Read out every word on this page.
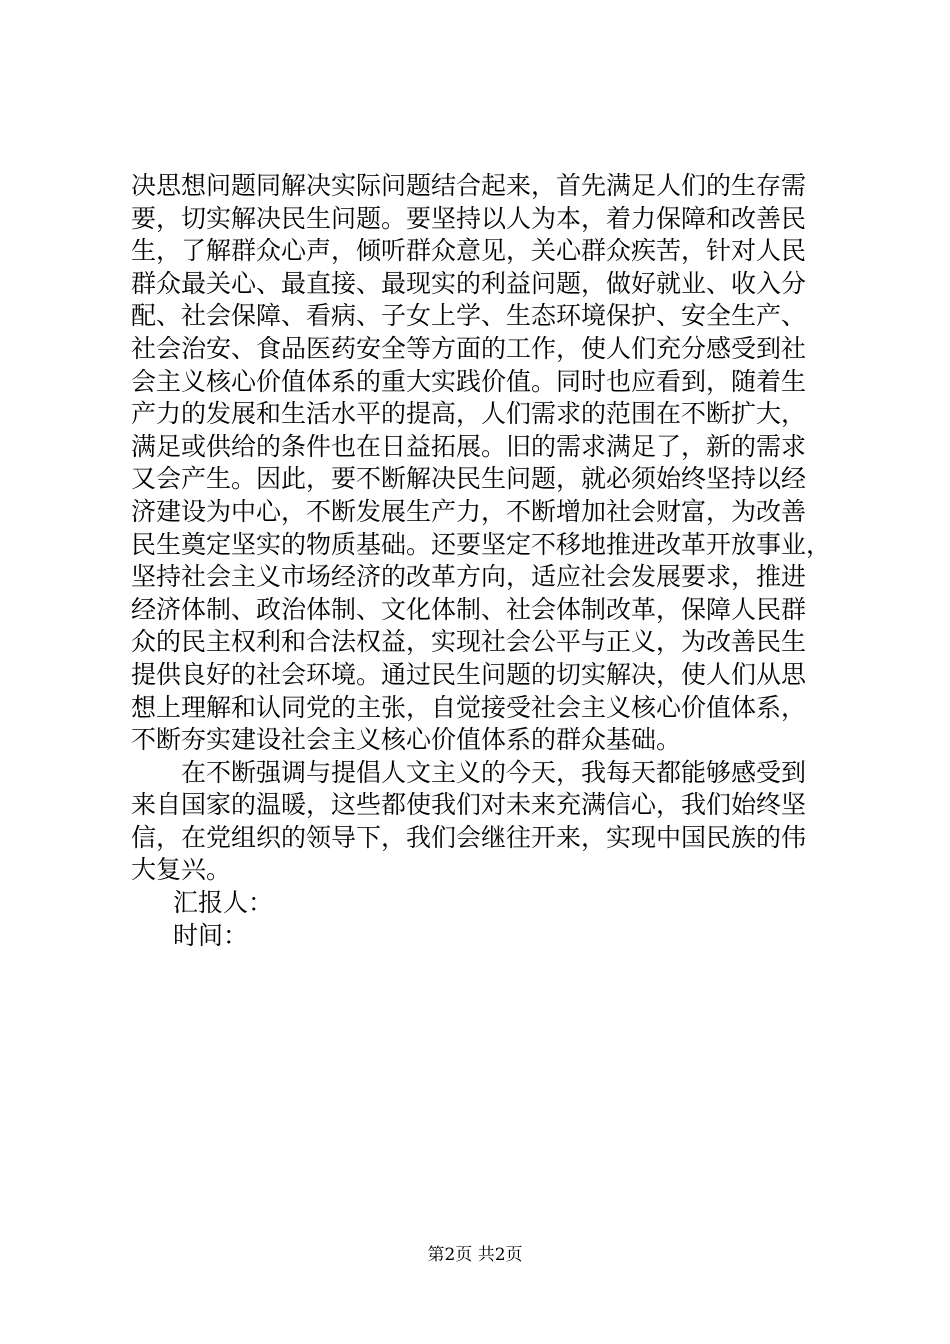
决思想问题同解决实际问题结合起来，首先满足人们的生存需
要，切实解决民生问题。要坚持以人为本，着力保障和改善民
生，了解群众心声，倾听群众意见，关心群众疾苦，针对人民
群众最关心、最直接、最现实的利益问题，做好就业、收入分
配、社会保障、看病、子女上学、生态环境保护、安全生产、
社会治安、食品医药安全等方面的工作，使人们充分感受到社
会主义核心价值体系的重大实践价值。同时也应看到，随着生
产力的发展和生活水平的提高，人们需求的范围在不断扩大，
满足或供给的条件也在日益拓展。旧的需求满足了，新的需求
又会产生。因此，要不断解决民生问题，就必须始终坚持以经
济建设为中心，不断发展生产力，不断增加社会财富，为改善
民生奠定坚实的物质基础。还要坚定不移地推进改革开放事业，
坚持社会主义市场经济的改革方向，适应社会发展要求，推进
经济体制、政治体制、文化体制、社会体制改革，保障人民群
众的民主权利和合法权益，实现社会公平与正义，为改善民生
提供良好的社会环境。通过民生问题的切实解决，使人们从思
想上理解和认同党的主张，自觉接受社会主义核心价值体系，
不断夯实建设社会主义核心价值体系的群众基础。
在不断强调与提倡人文主义的今天，我每天都能够感受到
来自国家的温暖，这些都使我们对未来充满信心，我们始终坚
信，在党组织的领导下，我们会继往开来，实现中国民族的伟
大复兴。
汇报人：
时间：
第2页 共2页
